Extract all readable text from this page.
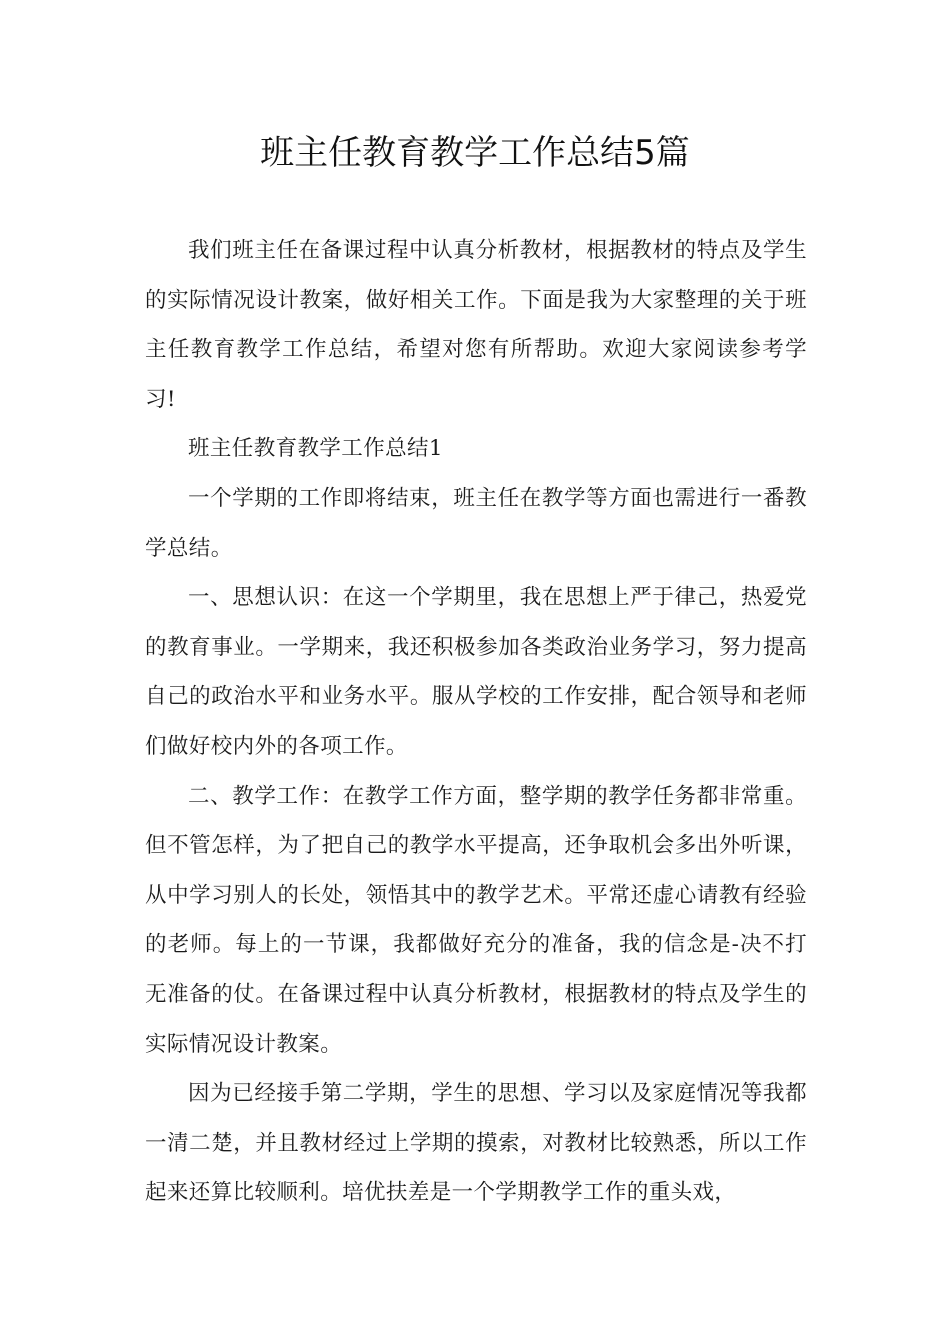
班主任教育教学工作总结5篇

我们班主任在备课过程中认真分析教材，根据教材的特点及学生的实际情况设计教案，做好相关工作。下面是我为大家整理的关于班主任教育教学工作总结，希望对您有所帮助。欢迎大家阅读参考学习!

班主任教育教学工作总结1

一个学期的工作即将结束，班主任在教学等方面也需进行一番教学总结。

一、思想认识：在这一个学期里，我在思想上严于律己，热爱党的教育事业。一学期来，我还积极参加各类政治业务学习，努力提高自己的政治水平和业务水平。服从学校的工作安排，配合领导和老师们做好校内外的各项工作。

二、教学工作：在教学工作方面，整学期的教学任务都非常重。但不管怎样，为了把自己的教学水平提高，还争取机会多出外听课，从中学习别人的长处，领悟其中的教学艺术。平常还虚心请教有经验的老师。每上的一节课，我都做好充分的准备，我的信念是-决不打无准备的仗。在备课过程中认真分析教材，根据教材的特点及学生的实际情况设计教案。

因为已经接手第二学期，学生的思想、学习以及家庭情况等我都一清二楚，并且教材经过上学期的摸索，对教材比较熟悉，所以工作起来还算比较顺利。培优扶差是一个学期教学工作的重头戏，
